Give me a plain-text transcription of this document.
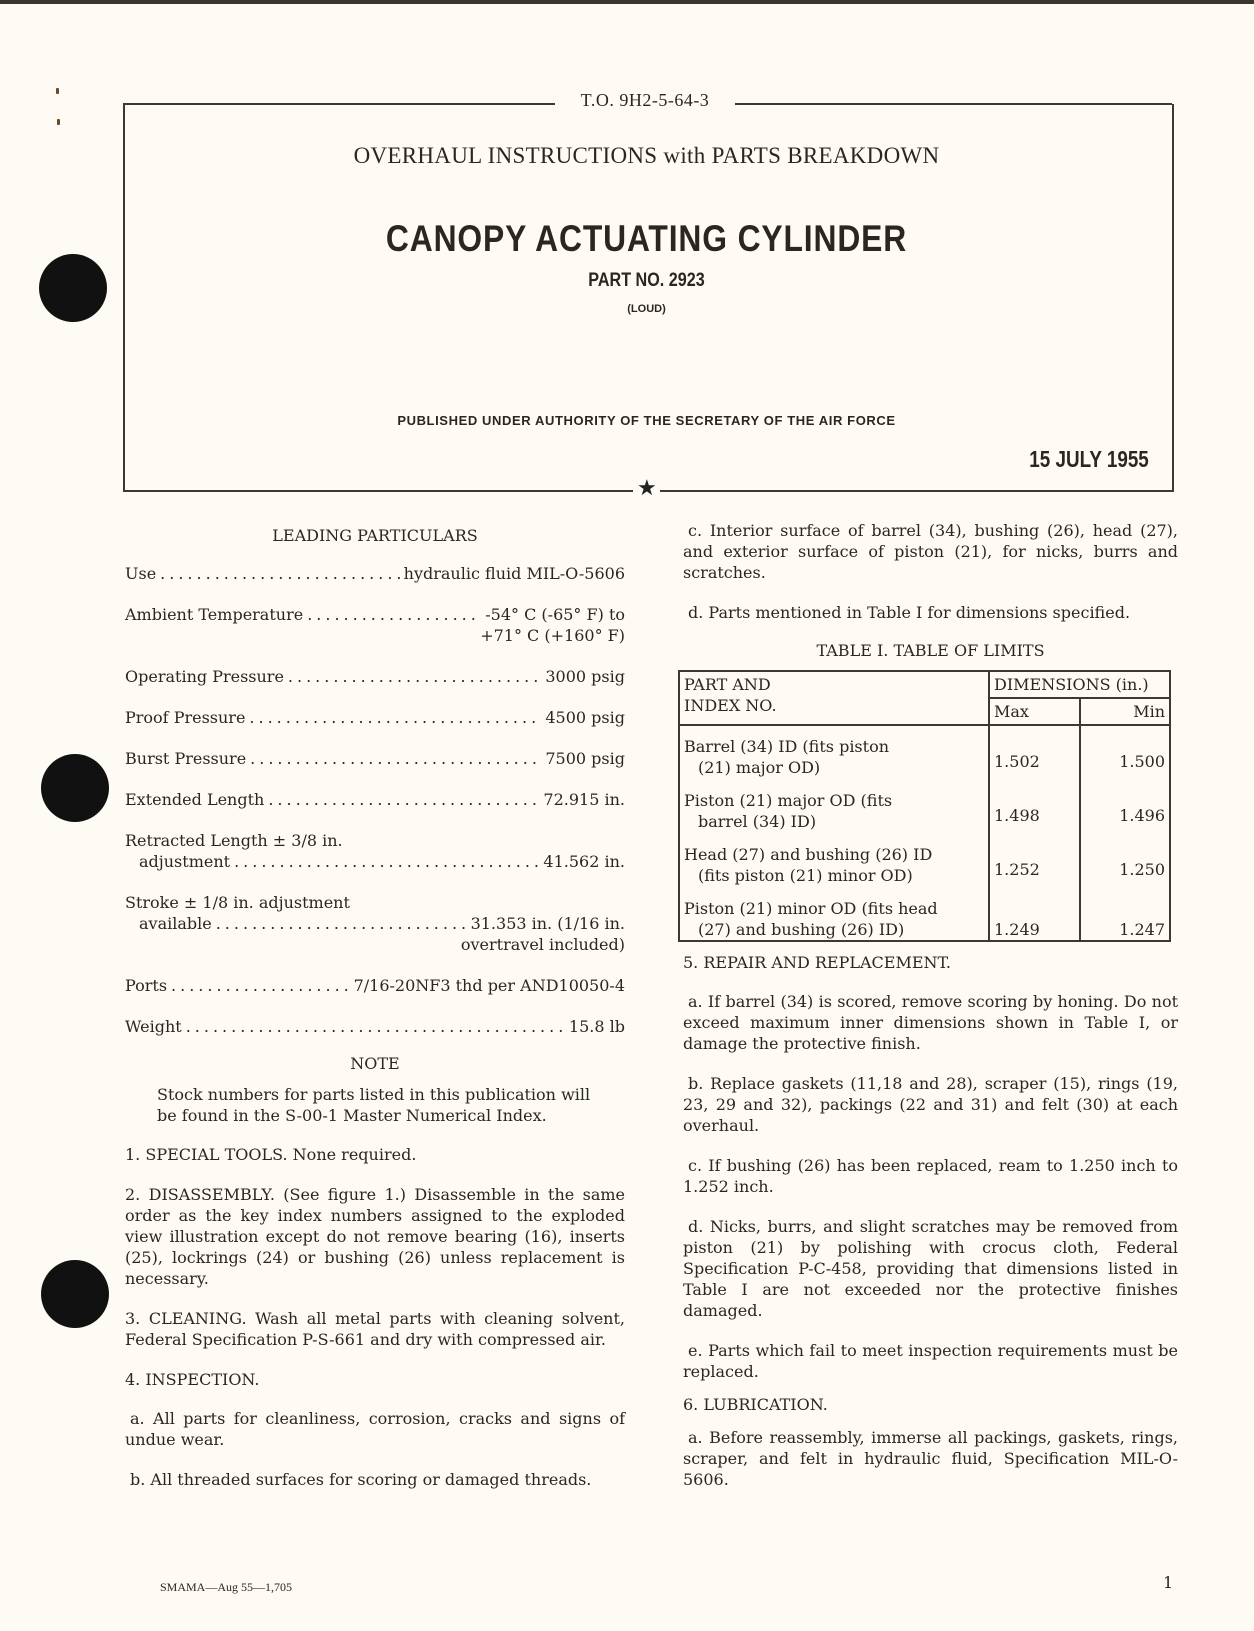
★
T.O. 9H2-5-64-3
OVERHAUL INSTRUCTIONS with PARTS BREAKDOWN
CANOPY ACTUATING CYLINDER
PART NO. 2923
(LOUD)
PUBLISHED UNDER AUTHORITY OF THE SECRETARY OF THE AIR FORCE
15 JULY 1955

LEADING PARTICULARS

Use .....	hydraulic fluid MIL-O-5606
Ambient Temperature .....	-54° C (-65° F) to
+71° C (+160° F)
Operating Pressure .....	3000 psig
Proof Pressure .....	4500 psig
Burst Pressure .....	7500 psig
Extended Length .....	72.915 in.
Retracted Length ± 3/8 in.
adjustment .....	41.562 in.
Stroke ± 1/8 in. adjustment
available .....	31.353 in. (1/16 in.
overtravel included)
Ports .....	7/16-20NF3 thd per AND10050-4
Weight .....	15.8 lb

NOTE

Stock numbers for parts listed in this publication will be found in the S-00-1 Master Numerical Index.

1. SPECIAL TOOLS. None required.

2. DISASSEMBLY. (See figure 1.) Disassemble in the same order as the key index numbers assigned to the exploded view illustration except do not remove bearing (16), inserts (25), lockrings (24) or bushing (26) unless replacement is necessary.

3. CLEANING. Wash all metal parts with cleaning solvent, Federal Specification P-S-661 and dry with compressed air.

4. INSPECTION.

a. All parts for cleanliness, corrosion, cracks and signs of undue wear.

b. All threaded surfaces for scoring or damaged threads.

c. Interior surface of barrel (34), bushing (26), head (27), and exterior surface of piston (21), for nicks, burrs and scratches.

d. Parts mentioned in Table I for dimensions specified.

TABLE I. TABLE OF LIMITS

PART AND
INDEX NO.	DIMENSIONS (in.)	
	Max	Min

Barrel (34) ID (fits piston
(21) major OD)	1.502	1.500

Piston (21) major OD (fits
barrel (34) ID)	1.498	1.496

Head (27) and bushing (26) ID
(fits piston (21) minor OD)	1.252	1.250

Piston (21) minor OD (fits head
(27) and bushing (26) ID)	1.249	1.247

5. REPAIR AND REPLACEMENT.

a. If barrel (34) is scored, remove scoring by honing. Do not exceed maximum inner dimensions shown in Table I, or damage the protective finish.

b. Replace gaskets (11,18 and 28), scraper (15), rings (19, 23, 29 and 32), packings (22 and 31) and felt (30) at each overhaul.

c. If bushing (26) has been replaced, ream to 1.250 inch to 1.252 inch.

d. Nicks, burrs, and slight scratches may be removed from piston (21) by polishing with crocus cloth, Federal Specification P-C-458, providing that dimensions listed in Table I are not exceeded nor the protective finishes damaged.

e. Parts which fail to meet inspection requirements must be replaced.

6. LUBRICATION.

a. Before reassembly, immerse all packings, gaskets, rings, scraper, and felt in hydraulic fluid, Specification MIL-O-5606.

SMAMA—Aug 55—1,705	1
